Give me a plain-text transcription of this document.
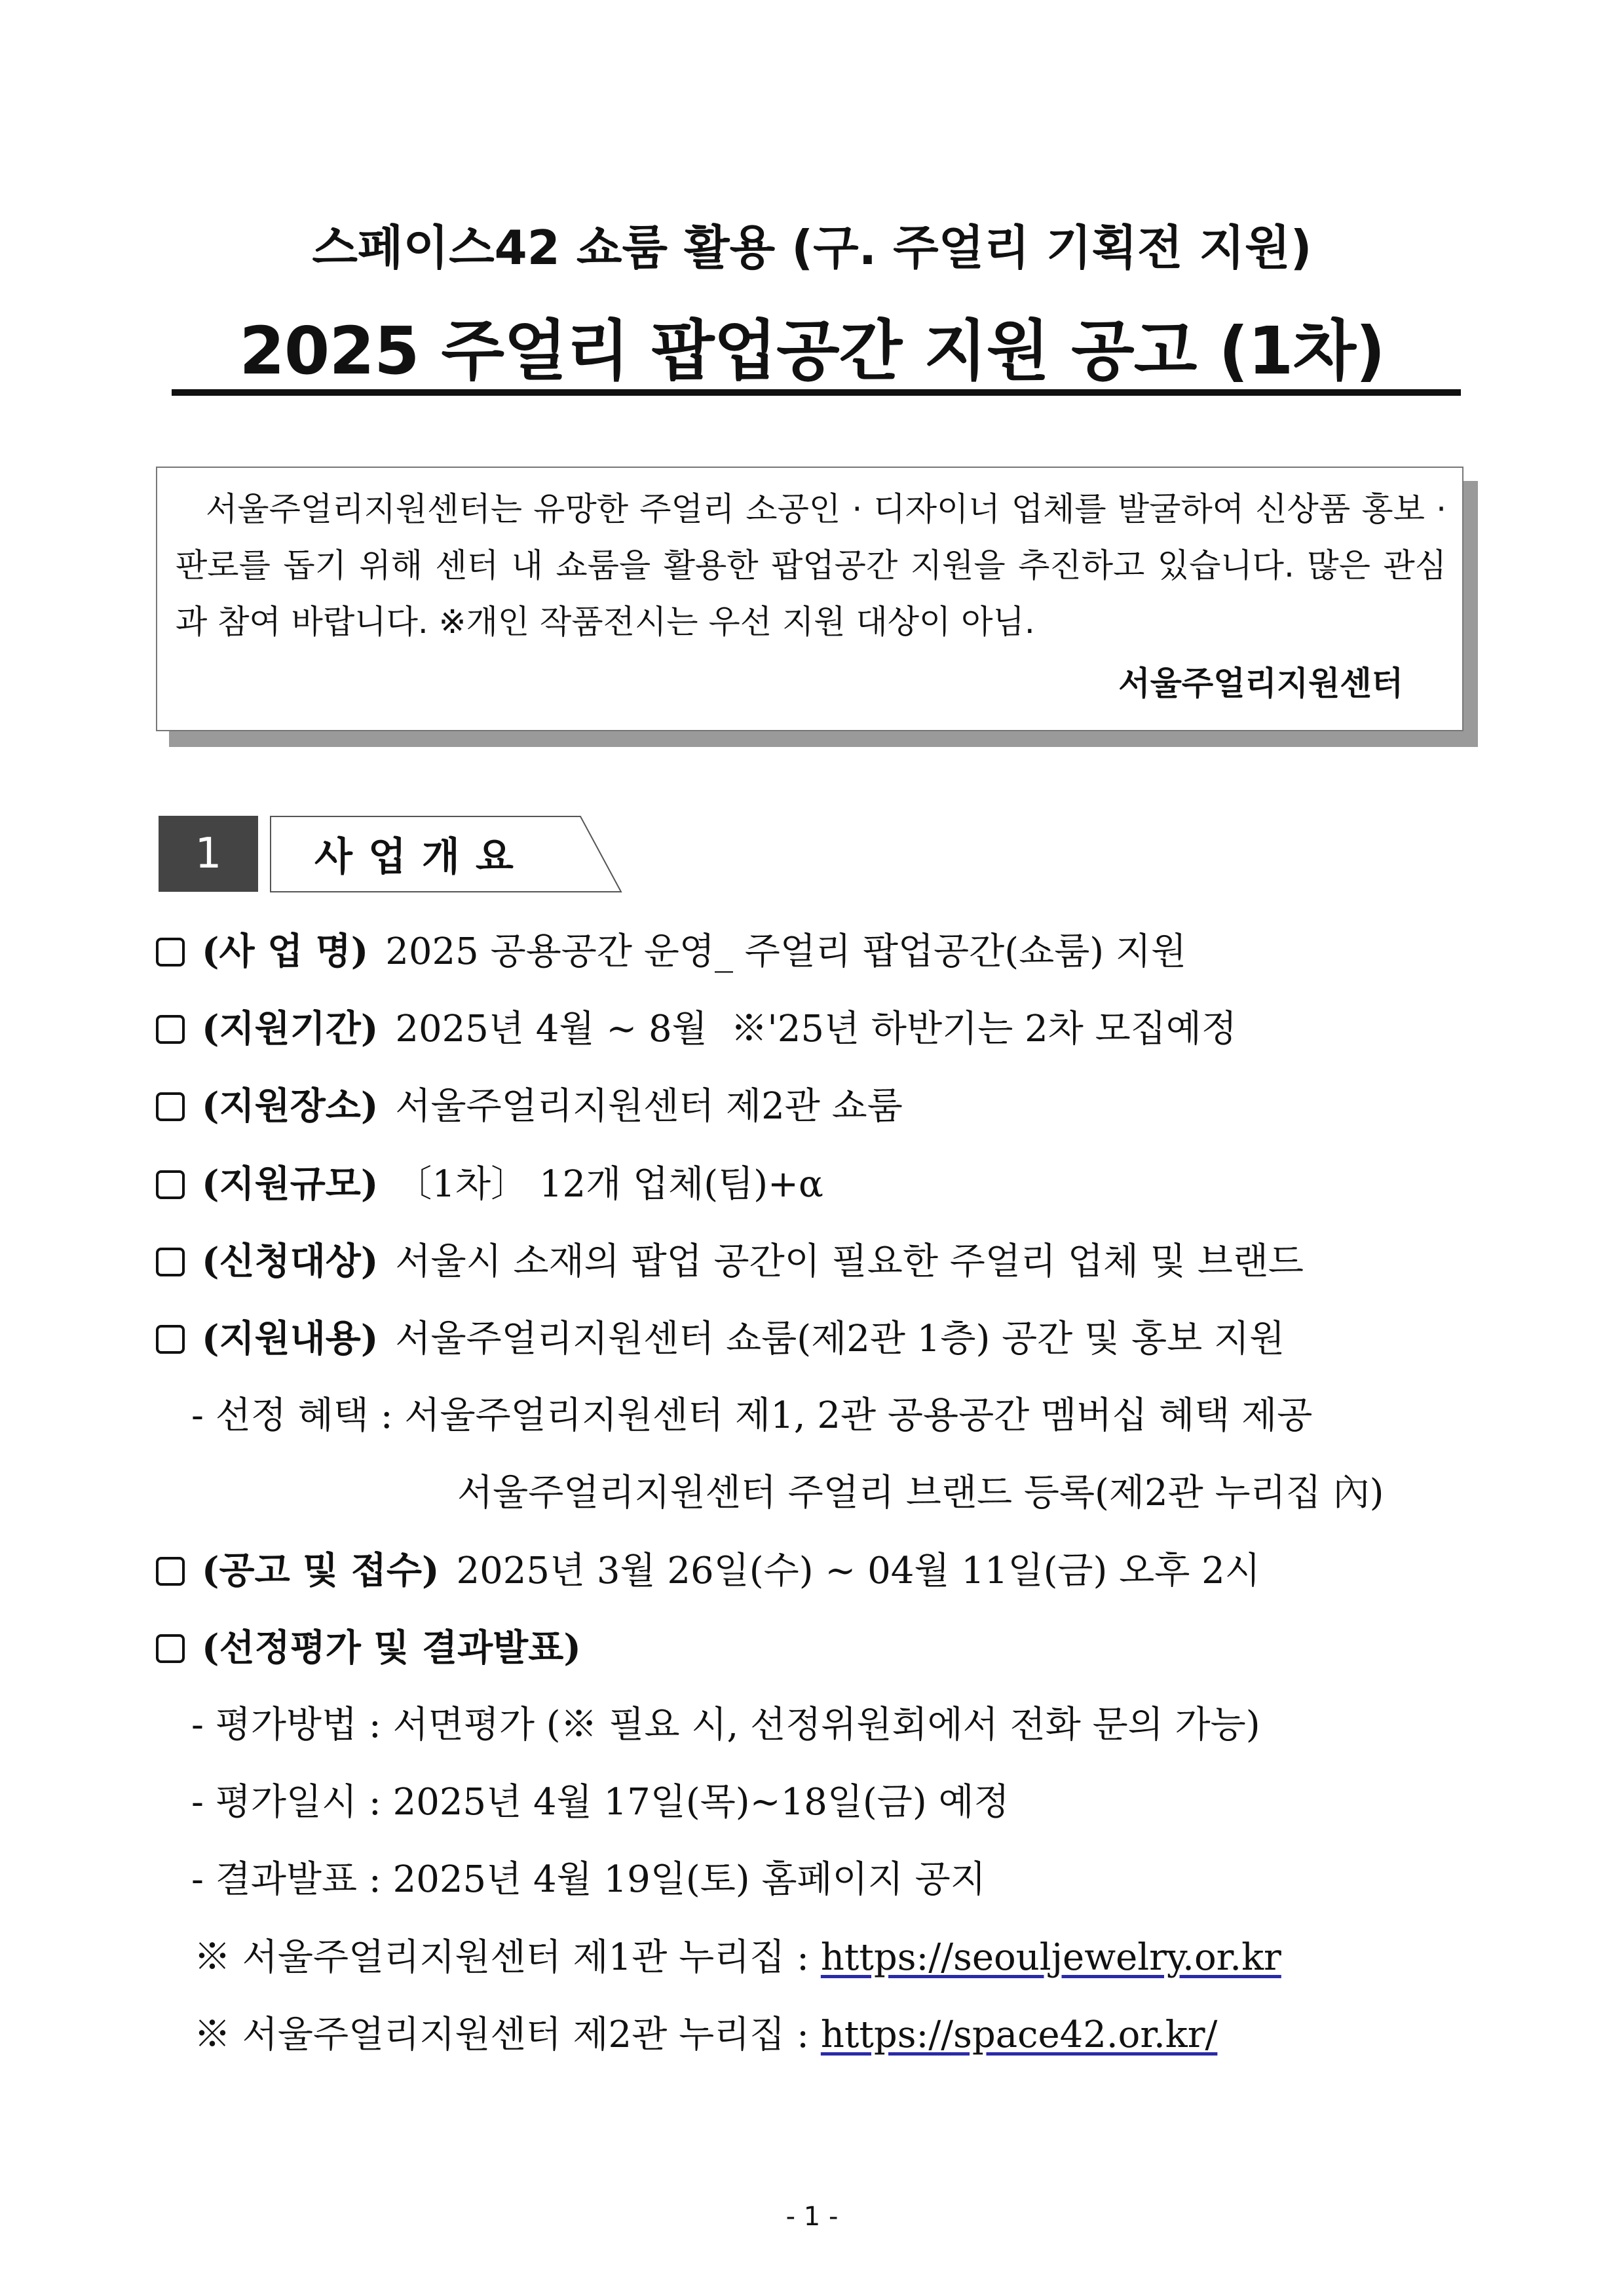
스페이스42 쇼룸 활용 (구. 주얼리 기획전 지원)
2025 주얼리 팝업공간 지원 공고 (1차)
서울주얼리지원센터는 유망한 주얼리 소공인 · 디자이너 업체를 발굴하여 신상품 홍보 · 판로를 돕기 위해 센터 내 쇼룸을 활용한 팝업공간 지원을 추진하고 있습니다. 많은 관심과 참여 바랍니다. ※개인 작품전시는 우선 지원 대상이 아님.
서울주얼리지원센터
1	사업개요
(사 업 명) 2025 공용공간 운영_ 주얼리 팝업공간(쇼룸) 지원
(지원기간) 2025년 4월 ~ 8월  ※'25년 하반기는 2차 모집예정
(지원장소) 서울주얼리지원센터 제2관 쇼룸
(지원규모) 〔1차〕 12개 업체(팀)+α
(신청대상) 서울시 소재의 팝업 공간이 필요한 주얼리 업체 및 브랜드
(지원내용) 서울주얼리지원센터 쇼룸(제2관 1층) 공간 및 홍보 지원
- 선정 혜택 : 서울주얼리지원센터 제1, 2관 공용공간 멤버십 혜택 제공
서울주얼리지원센터 주얼리 브랜드 등록(제2관 누리집 內)
(공고 및 접수) 2025년 3월 26일(수) ~ 04월 11일(금) 오후 2시
(선정평가 및 결과발표)
- 평가방법 : 서면평가 (※ 필요 시, 선정위원회에서 전화 문의 가능)
- 평가일시 : 2025년 4월 17일(목)~18일(금) 예정
- 결과발표 : 2025년 4월 19일(토) 홈페이지 공지
※ 서울주얼리지원센터 제1관 누리집 : https://seouljewelry.or.kr
※ 서울주얼리지원센터 제2관 누리집 : https://space42.or.kr/
- 1 -
